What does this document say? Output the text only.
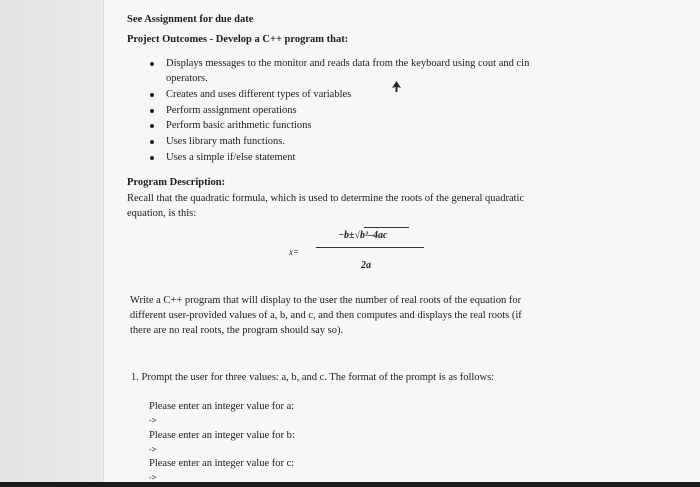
See Assignment for due date
Project Outcomes - Develop a C++ program that:
Displays messages to the monitor and reads data from the keyboard using cout and cin
operators.
Creates and uses different types of variables
Perform assignment operations
Perform basic arithmetic functions
Uses library math functions.
Uses a simple if/else statement
Program Description:
Recall that the quadratic formula, which is used to determine the roots of the general quadratic
equation, is this:
x=
−b±√b²–4ac
2a
Write a C++ program that will display to the user the number of real roots of the equation for
different user-provided values of a, b, and c, and then computes and displays the real roots (if
there are no real roots, the program should say so).
1. Prompt the user for three values: a, b, and c. The format of the prompt is as follows:
Please enter an integer value for a:
->
Please enter an integer value for b:
->
Please enter an integer value for c:
->
